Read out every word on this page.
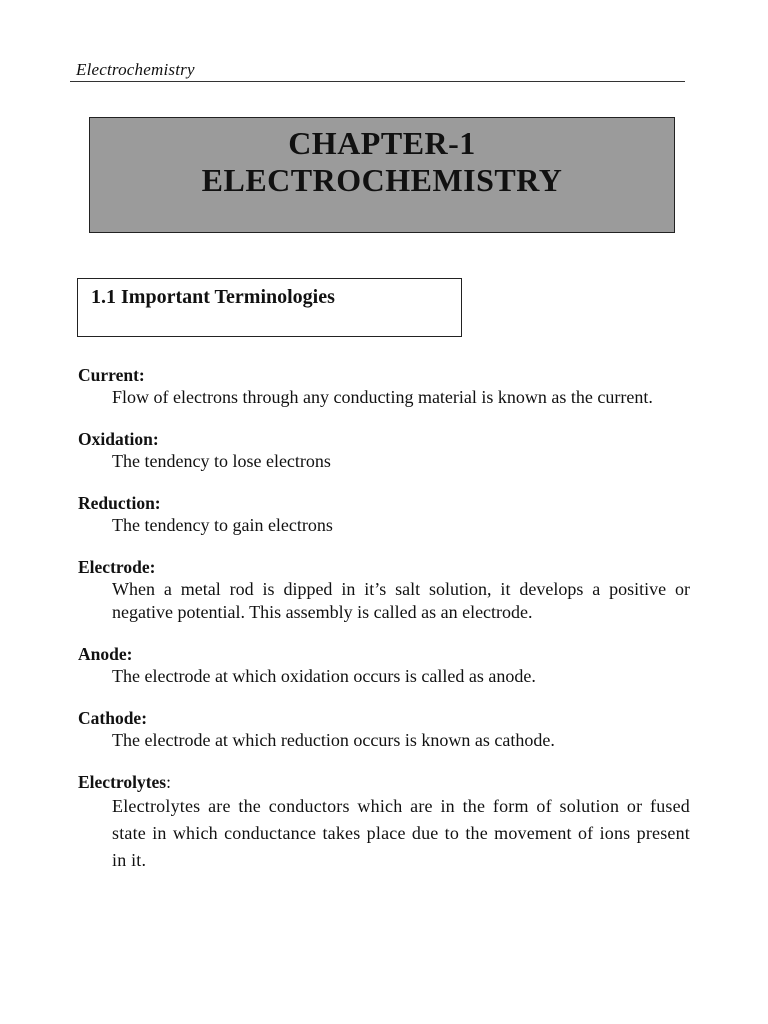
Electrochemistry
CHAPTER-1
ELECTROCHEMISTRY
1.1 Important Terminologies
Current:
Flow of electrons through any conducting material is known as the current.
Oxidation:
The tendency to lose electrons
Reduction:
The tendency to gain electrons
Electrode:
When a metal rod is dipped in it’s salt solution, it develops a positive or negative potential. This assembly is called as an electrode.
Anode:
The electrode at which oxidation occurs is called as anode.
Cathode:
The electrode at which reduction occurs is known as cathode.
Electrolytes:
Electrolytes are the conductors which are in the form of solution or fused state in which conductance takes place due to the movement of ions present in it.
